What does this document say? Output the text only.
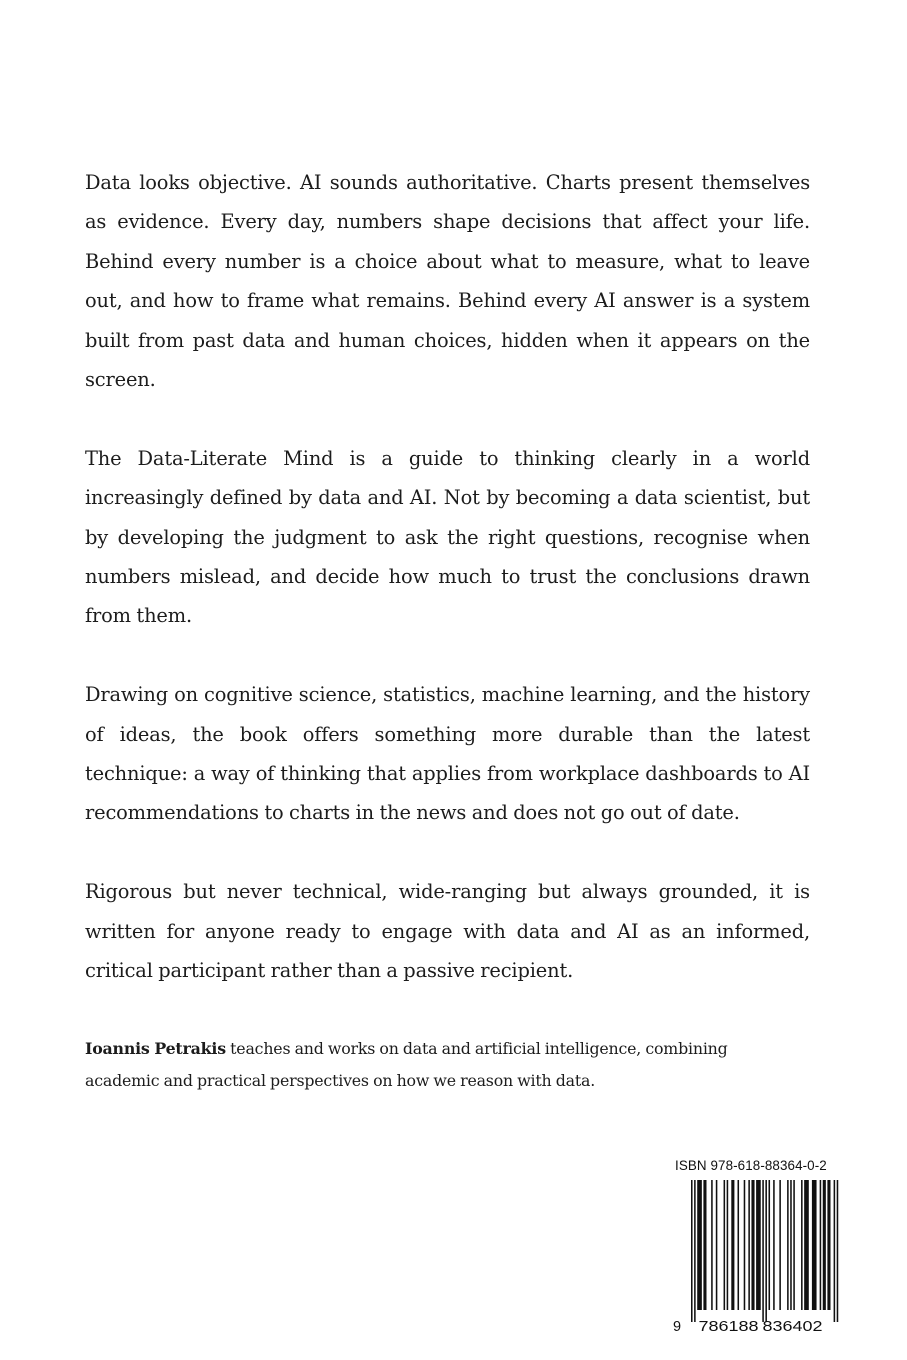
Data looks objective. AI sounds authoritative. Charts present themselves as evidence. Every day, numbers shape decisions that affect your life. Behind every number is a choice about what to measure, what to leave out, and how to frame what remains. Behind every AI answer is a system built from past data and human choices, hidden when it appears on the screen.

The Data-Literate Mind is a guide to thinking clearly in a world increasingly defined by data and AI. Not by becoming a data scientist, but by developing the judgment to ask the right questions, recognise when numbers mislead, and decide how much to trust the conclusions drawn from them.

Drawing on cognitive science, statistics, machine learning, and the history of ideas, the book offers something more durable than the latest technique: a way of thinking that applies from workplace dashboards to AI recommendations to charts in the news and does not go out of date.

Rigorous but never technical, wide-ranging but always grounded, it is written for anyone ready to engage with data and AI as an informed, critical participant rather than a passive recipient.

Ioannis Petrakis teaches and works on data and artificial intelligence, combining academic and practical perspectives on how we reason with data.

ISBN 978-618-88364-0-2
9 786188 836402
